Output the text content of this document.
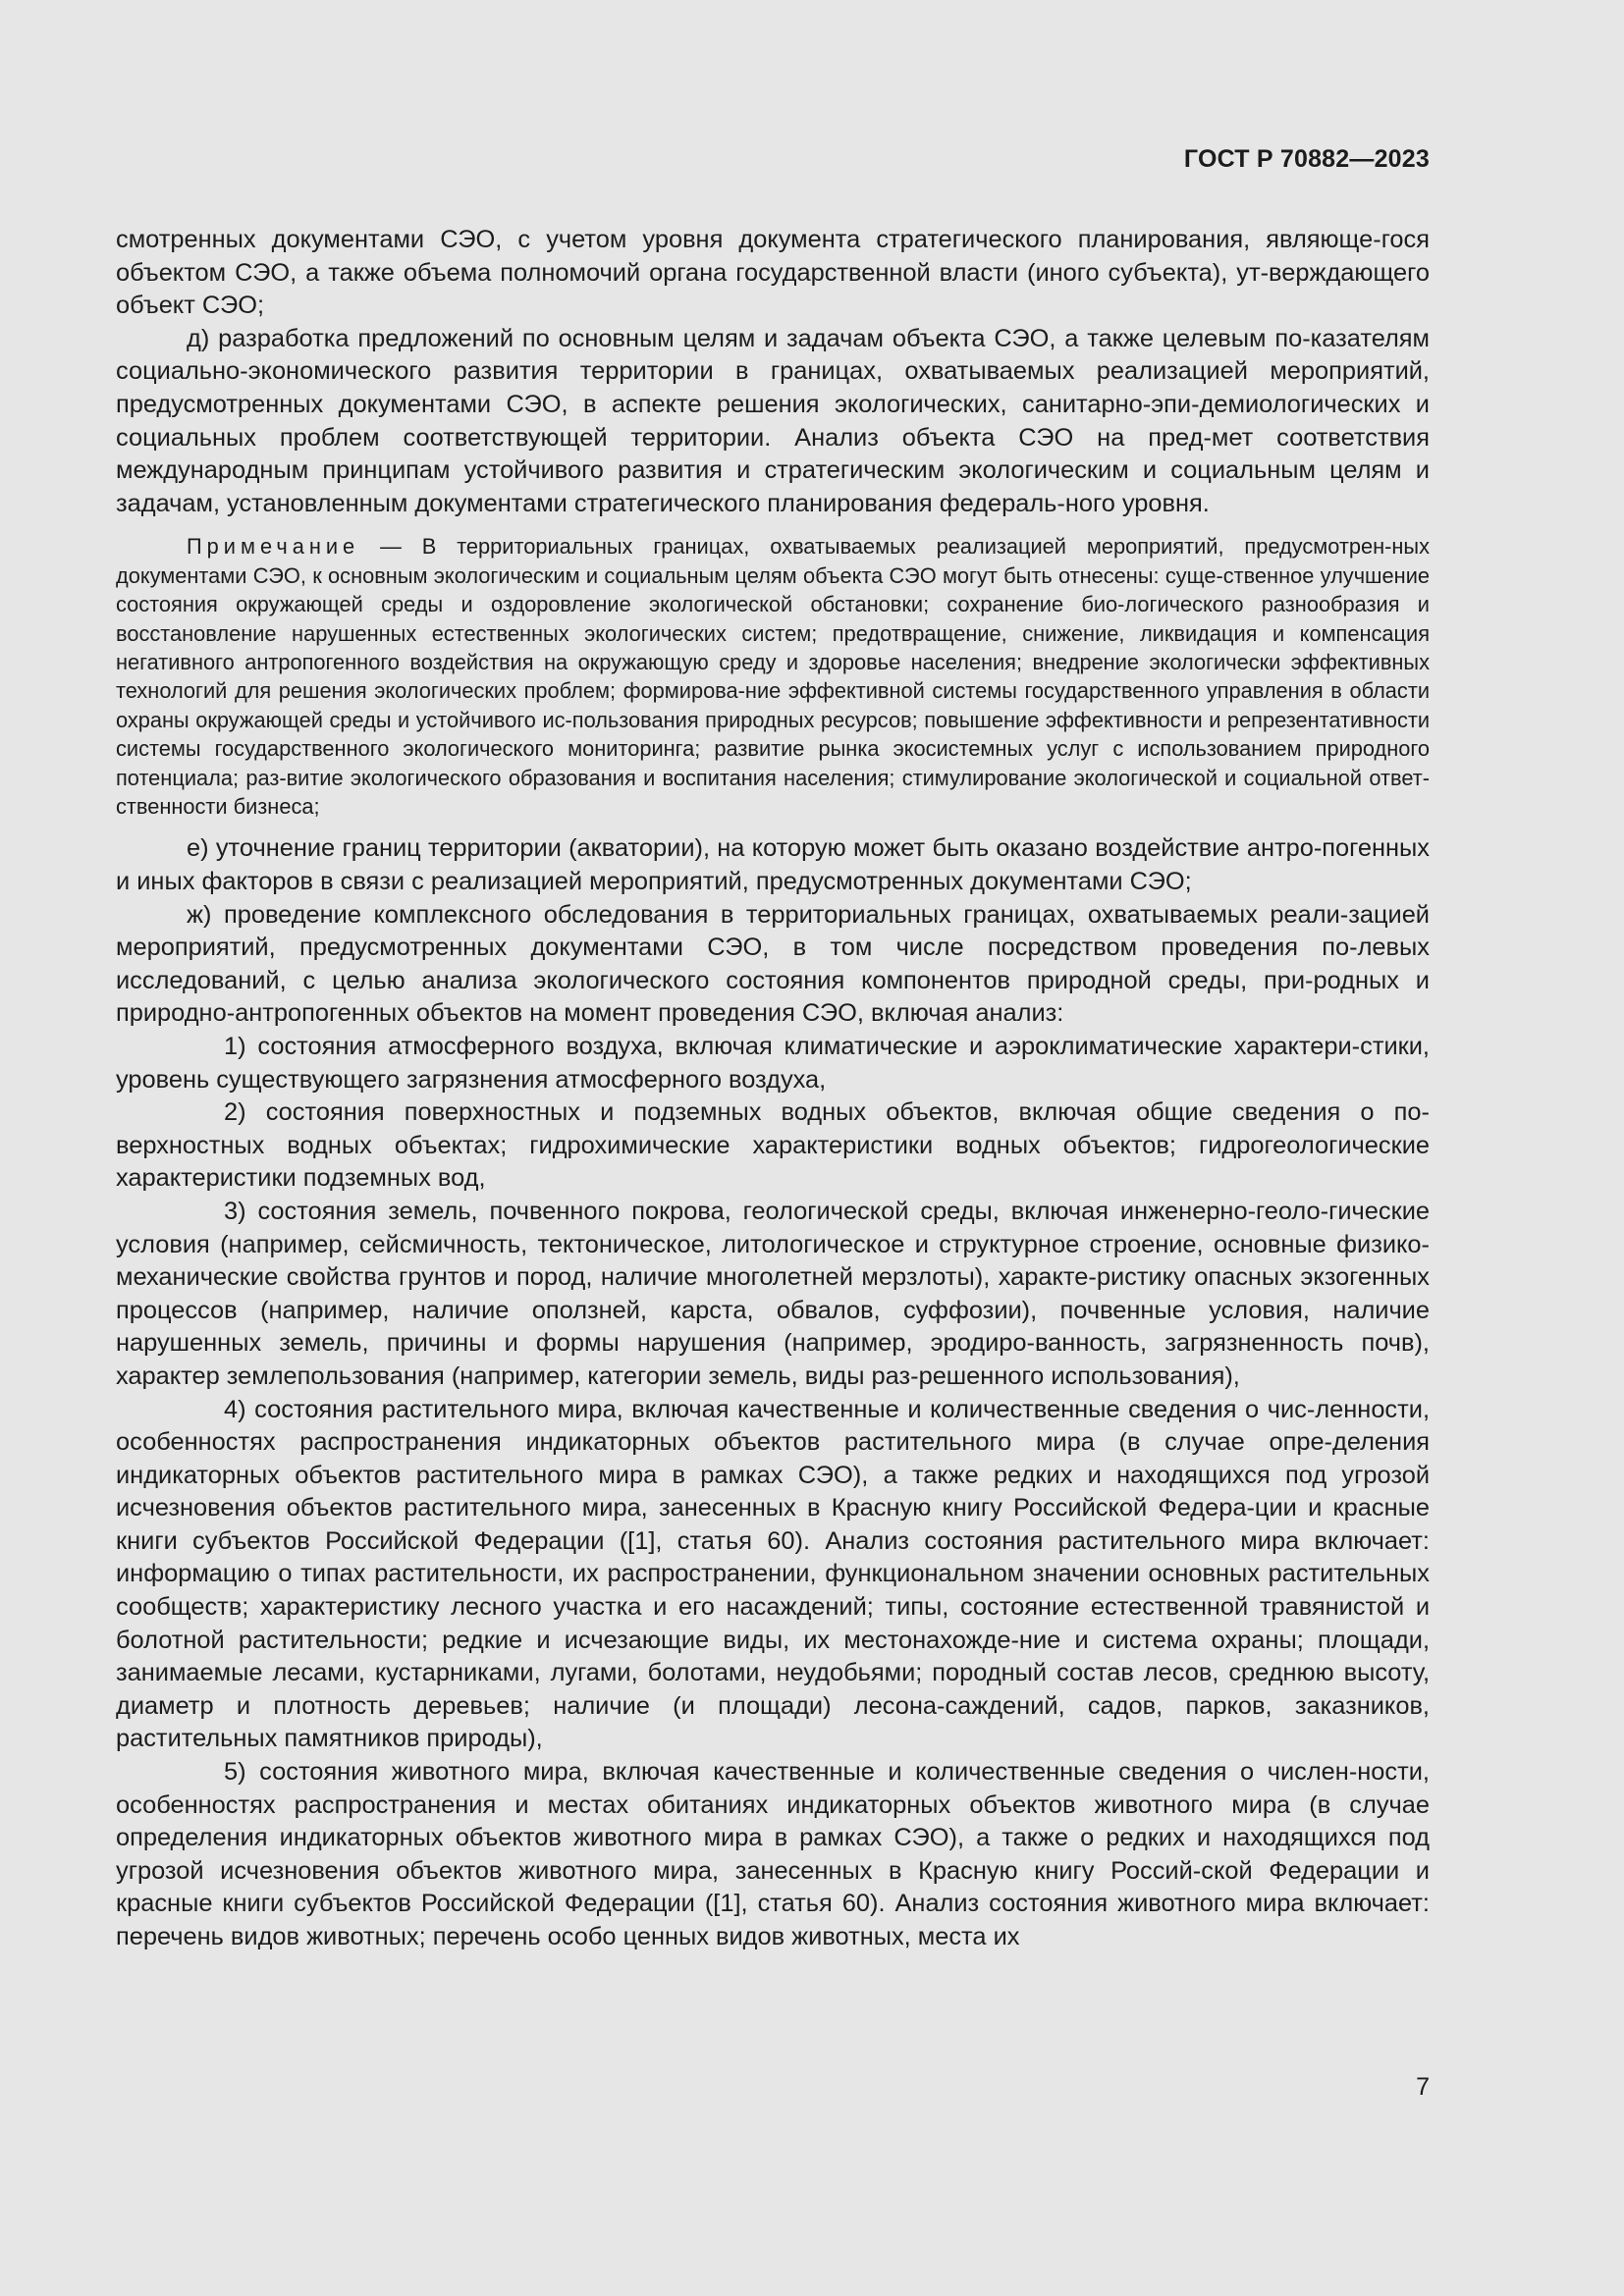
ГОСТ Р 70882—2023

смотренных документами СЭО, с учетом уровня документа стратегического планирования, являюще-гося объектом СЭО, а также объема полномочий органа государственной власти (иного субъекта), ут-верждающего объект СЭО;

д) разработка предложений по основным целям и задачам объекта СЭО, а также целевым по-казателям социально-экономического развития территории в границах, охватываемых реализацией мероприятий, предусмотренных документами СЭО, в аспекте решения экологических, санитарно-эпи-демиологических и социальных проблем соответствующей территории. Анализ объекта СЭО на пред-мет соответствия международным принципам устойчивого развития и стратегическим экологическим и социальным целям и задачам, установленным документами стратегического планирования федераль-ного уровня.

Примечание — В территориальных границах, охватываемых реализацией мероприятий, предусмотрен-ных документами СЭО, к основным экологическим и социальным целям объекта СЭО могут быть отнесены: суще-ственное улучшение состояния окружающей среды и оздоровление экологической обстановки; сохранение био-логического разнообразия и восстановление нарушенных естественных экологических систем; предотвращение, снижение, ликвидация и компенсация негативного антропогенного воздействия на окружающую среду и здоровье населения; внедрение экологически эффективных технологий для решения экологических проблем; формирова-ние эффективной системы государственного управления в области охраны окружающей среды и устойчивого ис-пользования природных ресурсов; повышение эффективности и репрезентативности системы государственного экологического мониторинга; развитие рынка экосистемных услуг с использованием природного потенциала; раз-витие экологического образования и воспитания населения; стимулирование экологической и социальной ответ-ственности бизнеса;

е) уточнение границ территории (акватории), на которую может быть оказано воздействие антро-погенных и иных факторов в связи с реализацией мероприятий, предусмотренных документами СЭО;

ж) проведение комплексного обследования в территориальных границах, охватываемых реали-зацией мероприятий, предусмотренных документами СЭО, в том числе посредством проведения по-левых исследований, с целью анализа экологического состояния компонентов природной среды, при-родных и природно-антропогенных объектов на момент проведения СЭО, включая анализ:

1) состояния атмосферного воздуха, включая климатические и аэроклиматические характери-стики, уровень существующего загрязнения атмосферного воздуха,

2) состояния поверхностных и подземных водных объектов, включая общие сведения о по-верхностных водных объектах; гидрохимические характеристики водных объектов; гидрогеологические характеристики подземных вод,

3) состояния земель, почвенного покрова, геологической среды, включая инженерно-геоло-гические условия (например, сейсмичность, тектоническое, литологическое и структурное строение, основные физико-механические свойства грунтов и пород, наличие многолетней мерзлоты), характе-ристику опасных экзогенных процессов (например, наличие оползней, карста, обвалов, суффозии), почвенные условия, наличие нарушенных земель, причины и формы нарушения (например, эродиро-ванность, загрязненность почв), характер землепользования (например, категории земель, виды раз-решенного использования),

4) состояния растительного мира, включая качественные и количественные сведения о чис-ленности, особенностях распространения индикаторных объектов растительного мира (в случае опре-деления индикаторных объектов растительного мира в рамках СЭО), а также редких и находящихся под угрозой исчезновения объектов растительного мира, занесенных в Красную книгу Российской Федера-ции и красные книги субъектов Российской Федерации ([1], статья 60). Анализ состояния растительного мира включает: информацию о типах растительности, их распространении, функциональном значении основных растительных сообществ; характеристику лесного участка и его насаждений; типы, состояние естественной травянистой и болотной растительности; редкие и исчезающие виды, их местонахожде-ние и система охраны; площади, занимаемые лесами, кустарниками, лугами, болотами, неудобьями; породный состав лесов, среднюю высоту, диаметр и плотность деревьев; наличие (и площади) лесона-саждений, садов, парков, заказников, растительных памятников природы),

5) состояния животного мира, включая качественные и количественные сведения о числен-ности, особенностях распространения и местах обитаниях индикаторных объектов животного мира (в случае определения индикаторных объектов животного мира в рамках СЭО), а также о редких и находящихся под угрозой исчезновения объектов животного мира, занесенных в Красную книгу Россий-ской Федерации и красные книги субъектов Российской Федерации ([1], статья 60). Анализ состояния животного мира включает: перечень видов животных; перечень особо ценных видов животных, места их

7
